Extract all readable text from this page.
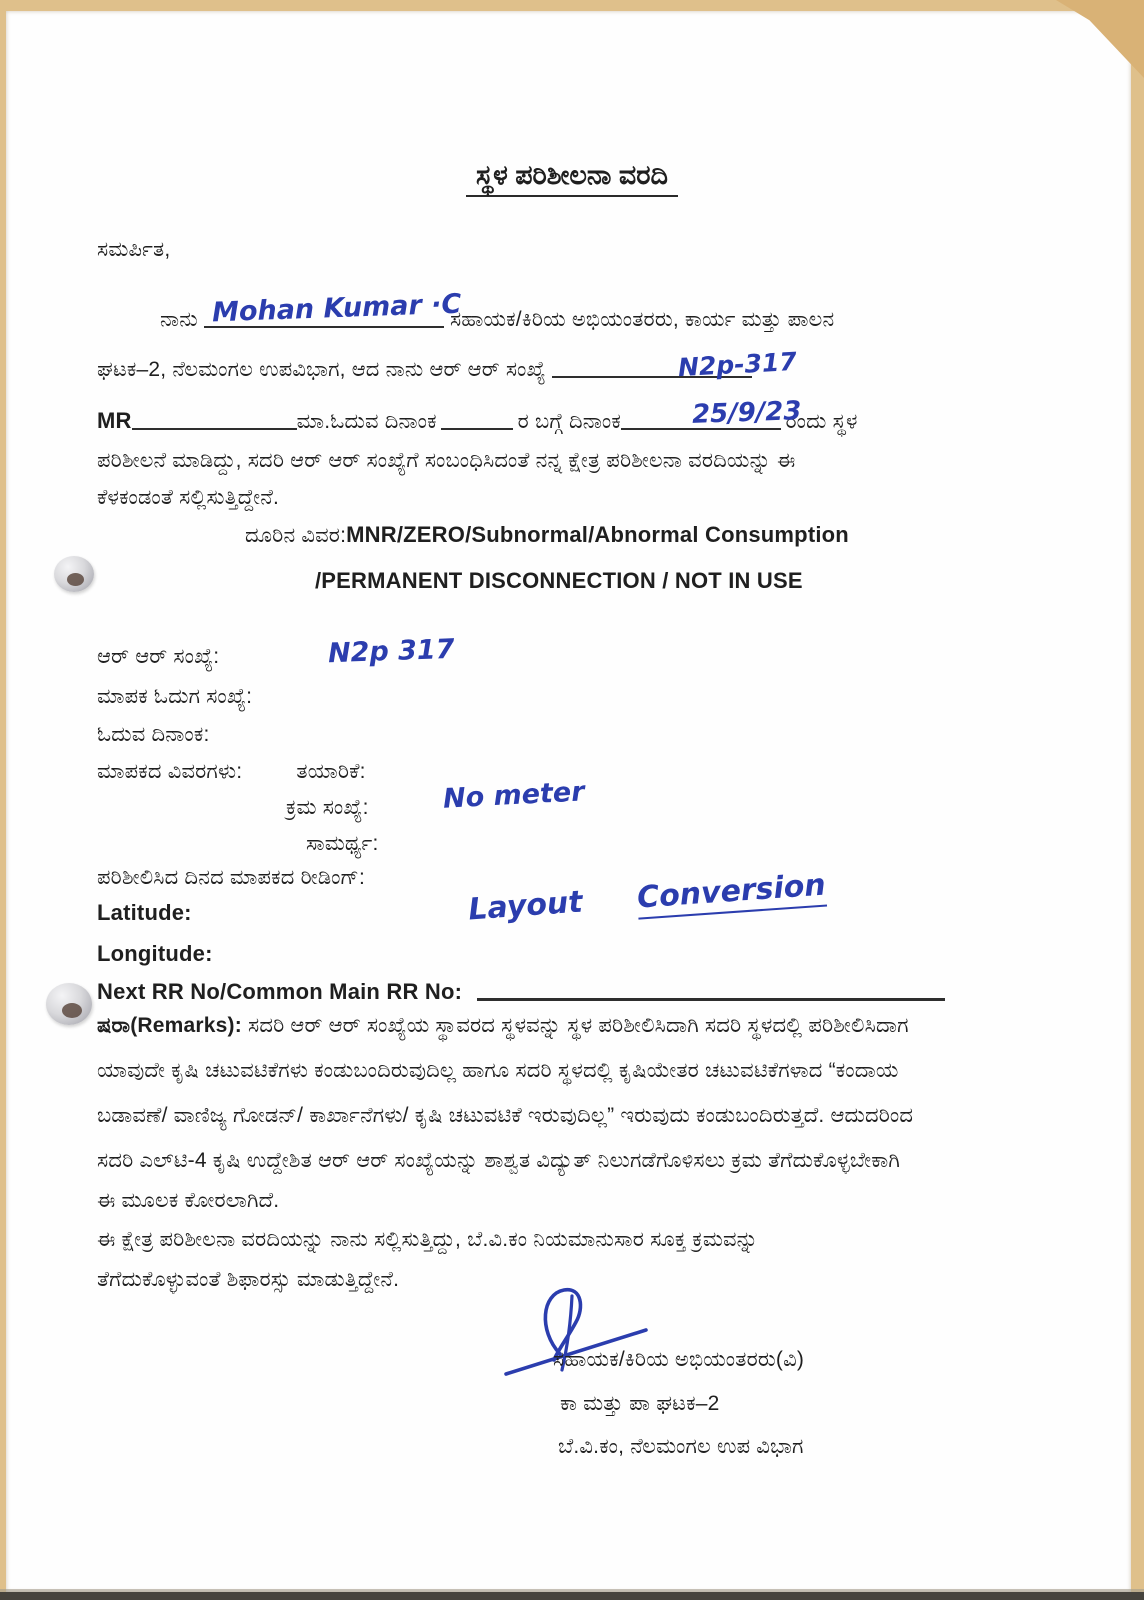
ಸ್ಥಳ ಪರಿಶೀಲನಾ ವರದಿ
ಸಮರ್ಪಿತ,
ನಾನು	ಸಹಾಯಕ/ಕಿರಿಯ ಅಭಿಯಂತರರು, ಕಾರ್ಯ ಮತ್ತು ಪಾಲನ
Mohan Kumar ·C
ಘಟಕ–2, ನೆಲಮಂಗಲ ಉಪವಿಭಾಗ, ಆದ ನಾನು ಆರ್ ಆರ್ ಸಂಖ್ಯೆ	N2p-317
MR	ಮಾ.ಓದುವ ದಿನಾಂಕ	ರ ಬಗ್ಗೆ ದಿನಾಂಕ	ರಂದು ಸ್ಥಳ
25/9/23
ಪರಿಶೀಲನೆ ಮಾಡಿದ್ದು, ಸದರಿ ಆರ್ ಆರ್ ಸಂಖ್ಯೆಗೆ ಸಂಬಂಧಿಸಿದಂತೆ ನನ್ನ ಕ್ಷೇತ್ರ ಪರಿಶೀಲನಾ ವರದಿಯನ್ನು ಈ
ಕೆಳಕಂಡಂತೆ ಸಲ್ಲಿಸುತ್ತಿದ್ದೇನೆ.
ದೂರಿನ ವಿವರ:MNR/ZERO/Subnormal/Abnormal Consumption
/PERMANENT DISCONNECTION / NOT IN USE
ಆರ್ ಆರ್ ಸಂಖ್ಯೆ:	N2p 317
ಮಾಪಕ ಓದುಗ ಸಂಖ್ಯೆ:
ಓದುವ ದಿನಾಂಕ:
ಮಾಪಕದ ವಿವರಗಳು:	ತಯಾರಿಕೆ:
ಕ್ರಮ ಸಂಖ್ಯೆ:	No meter
ಸಾಮರ್ಥ್ಯ:
ಪರಿಶೀಲಿಸಿದ ದಿನದ ಮಾಪಕದ ರೀಡಿಂಗ್:
Latitude:
Longitude:
Layout Conversion
Next RR No/Common Main RR No:
ಷರಾ(Remarks): ಸದರಿ ಆರ್ ಆರ್ ಸಂಖ್ಯೆಯ ಸ್ಥಾವರದ ಸ್ಥಳವನ್ನು ಸ್ಥಳ ಪರಿಶೀಲಿಸಿದಾಗಿ ಸದರಿ ಸ್ಥಳದಲ್ಲಿ ಪರಿಶೀಲಿಸಿದಾಗ
ಯಾವುದೇ ಕೃಷಿ ಚಟುವಟಿಕೆಗಳು ಕಂಡುಬಂದಿರುವುದಿಲ್ಲ ಹಾಗೂ ಸದರಿ ಸ್ಥಳದಲ್ಲಿ ಕೃಷಿಯೇತರ ಚಟುವಟಿಕೆಗಳಾದ “ಕಂದಾಯ
ಬಡಾವಣೆ/ ವಾಣಿಜ್ಯ ಗೋಡನ್/ ಕಾರ್ಖಾನೆಗಳು/ ಕೃಷಿ ಚಟುವಟಿಕೆ ಇರುವುದಿಲ್ಲ” ಇರುವುದು ಕಂಡುಬಂದಿರುತ್ತದೆ. ಆದುದರಿಂದ
ಸದರಿ ಎಲ್‌ಟಿ-4 ಕೃಷಿ ಉದ್ದೇಶಿತ ಆರ್ ಆರ್ ಸಂಖ್ಯೆಯನ್ನು ಶಾಶ್ವತ ವಿದ್ಯುತ್ ನಿಲುಗಡೆಗೊಳಿಸಲು ಕ್ರಮ ತೆಗೆದುಕೊಳ್ಳಬೇಕಾಗಿ
ಈ ಮೂಲಕ ಕೋರಲಾಗಿದೆ.
ಈ ಕ್ಷೇತ್ರ ಪರಿಶೀಲನಾ ವರದಿಯನ್ನು ನಾನು ಸಲ್ಲಿಸುತ್ತಿದ್ದು, ಬೆ.ವಿ.ಕಂ ನಿಯಮಾನುಸಾರ ಸೂಕ್ತ ಕ್ರಮವನ್ನು
ತೆಗೆದುಕೊಳ್ಳುವಂತೆ ಶಿಫಾರಸ್ಸು ಮಾಡುತ್ತಿದ್ದೇನೆ.
ಸಹಾಯಕ/ಕಿರಿಯ ಅಭಿಯಂತರರು(ವಿ)
ಕಾ ಮತ್ತು ಪಾ ಘಟಕ–2
ಬೆ.ವಿ.ಕಂ, ನೆಲಮಂಗಲ ಉಪ ವಿಭಾಗ
